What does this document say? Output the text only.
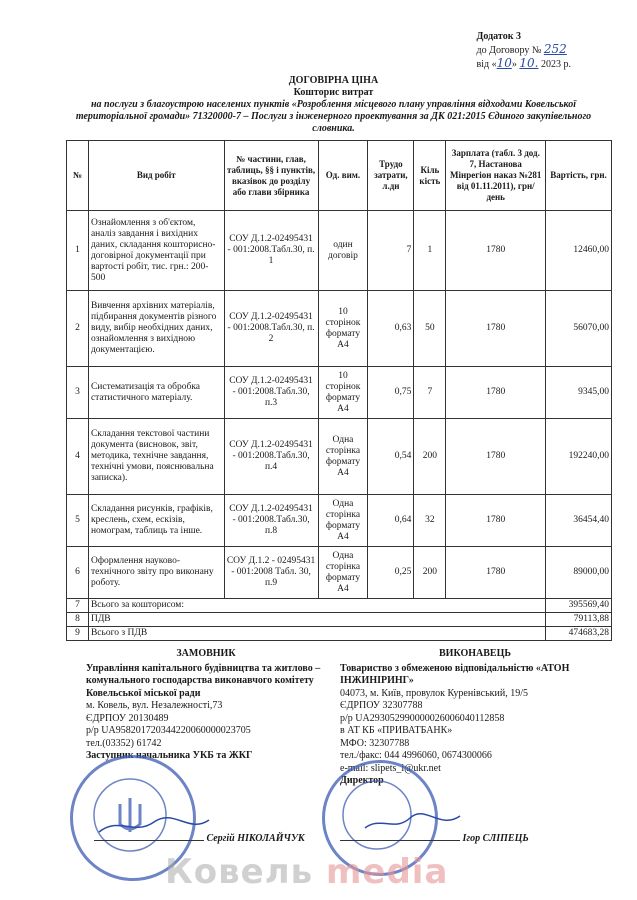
Додаток 3
до Договору № 252
від «10» 10. 2023 р.
ДОГОВІРНА ЦІНА
Кошторис витрат
на послуги з благоустрою населених пунктів «Розроблення місцевого плану управління відходами Ковельської територіальної громади» 71320000-7 – Послуги з інженерного проектування за ДК 021:2015 Єдиного закупівельного словника.
№	Вид робіт	№ частини, глав, таблиць, §§ і пунктів, вказівок до розділу або глави збірника	Од. вим.	Трудо затрати, л.дн	Кіль кість	Зарплата (табл. 3 дод. 7, Настанова Мінрегіон наказ №281 від 01.11.2011), грн/день	Вартість, грн.
1	Ознайомлення з об'єктом, аналіз завдання і вихідних даних, складання кошторисно-договірної документації при вартості робіт, тис. грн.: 200-500	СОУ Д.1.2-02495431 - 001:2008.Табл.30, п. 1	один договір	7	1	1780	12460,00
2	Вивчення архівних матеріалів, підбирання документів різного виду, вибір необхідних даних, ознайомлення з вихідною документацією.	СОУ Д.1.2-02495431 - 001:2008.Табл.30, п. 2	10 сторінок формату А4	0,63	50	1780	56070,00
3	Систематизація та обробка статистичного матеріалу.	СОУ Д.1.2-02495431 - 001:2008.Табл.30, п.3	10 сторінок формату А4	0,75	7	1780	9345,00
4	Складання текстової частини документа (висновок, звіт, методика, технічне завдання, технічні умови, пояснювальна записка).	СОУ Д.1.2-02495431 - 001:2008.Табл.30, п.4	Одна сторінка формату А4	0,54	200	1780	192240,00
5	Складання рисунків, графіків, креслень, схем, ескізів, номограм, таблиць та інше.	СОУ Д.1.2-02495431 - 001:2008.Табл.30, п.8	Одна сторінка формату А4	0,64	32	1780	36454,40
6	Оформлення науково-технічного звіту про виконану роботу.	СОУ Д.1.2 - 02495431 - 001:2008 Табл. 30, п.9	Одна сторінка формату А4	0,25	200	1780	89000,00
7	Всього за кошторисом:						395569,40
8	ПДВ						79113,88
9	Всього з ПДВ						474683,28
ЗАМОВНИК
Управління капітального будівництва та житлово – комунального господарства виконавчого комітету Ковельської міської ради
м. Ковель, вул. Незалежності,73
ЄДРПОУ 20130489
р/р UA958201720344220060000023705
тел.(03352) 61742
Заступник начальника УКБ та ЖКГ
ВИКОНАВЕЦЬ
Товариство з обмеженою відповідальністю «АТОН ІНЖИНІРИНГ»
04073, м. Київ, провулок Куренівський, 19/5
ЄДРПОУ 32307788
р/р UA293052990000026006040112858
в АТ КБ «ПРИВАТБАНК»
МФО: 32307788
тел./факс: 044 4996060, 0674300066
e-mail: slipets_i@ukr.net
Директор
Сергій НІКОЛАЙЧУК	Ігор СЛІПЕЦЬ
Ковель media
